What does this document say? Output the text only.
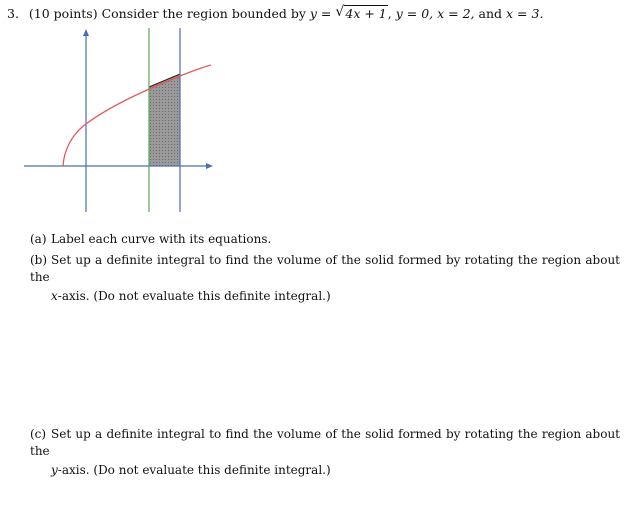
3. (10 points) Consider the region bounded by y = √ 4x + 1, y = 0, x = 2, and x = 3.
(a) Label each curve with its equations.
(b) Set up a definite integral to find the volume of the solid formed by rotating the region about the
x-axis. (Do not evaluate this definite integral.)
(c) Set up a definite integral to find the volume of the solid formed by rotating the region about the
y-axis. (Do not evaluate this definite integral.)
